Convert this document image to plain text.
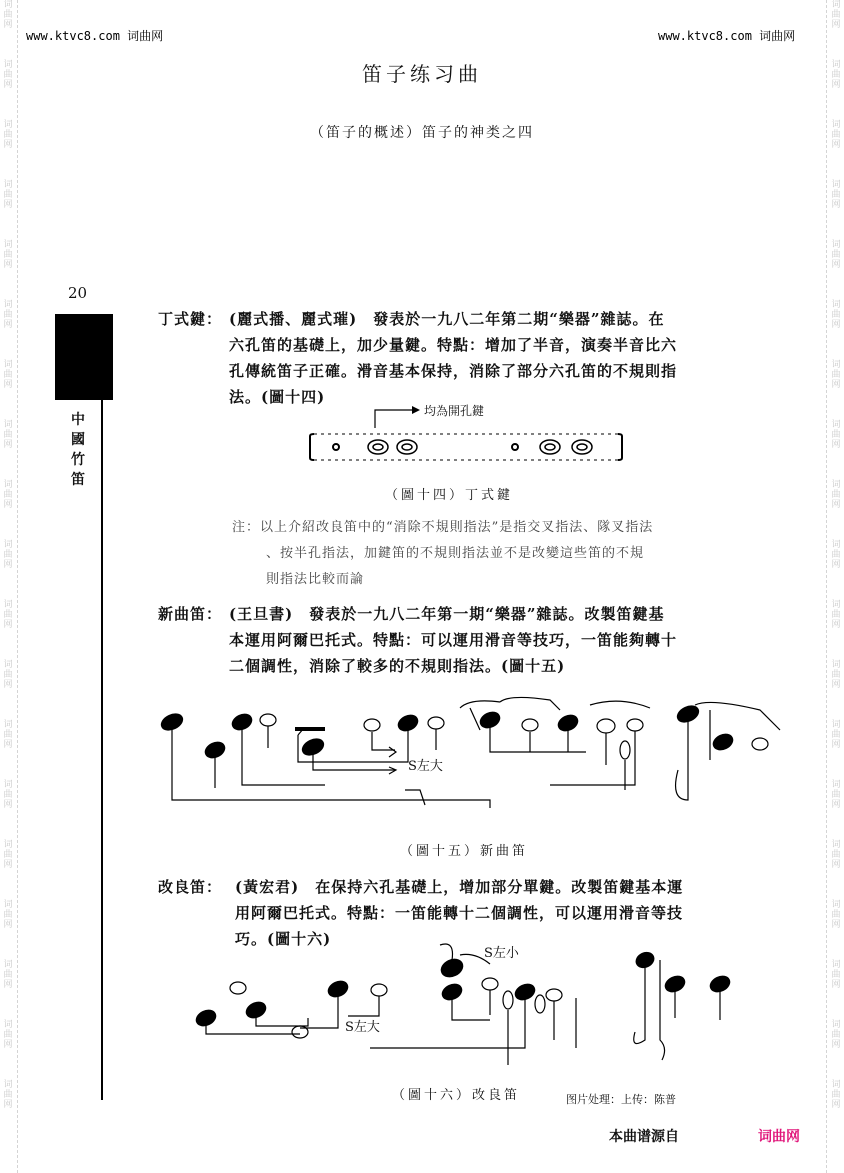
词
曲
网
词
曲
网
词
曲
网
词
曲
网
词
曲
网
词
曲
网
词
曲
网
词
曲
网
词
曲
网
词
曲
网
词
曲
网
词
曲
网
词
曲
网
词
曲
网
词
曲
网
词
曲
网
词
曲
网
词
曲
网
词
曲
网
词
曲
网
词
曲
网
词
曲
网
词
曲
网
词
曲
网
词
曲
网
词
曲
网
词
曲
网
词
曲
网
词
曲
网
词
曲
网
词
曲
网
词
曲
网
词
曲
网
词
曲
网
词
曲
网
词
曲
网
词
曲
网
词
曲
网
www.ktvc8.com 词曲网	www.ktvc8.com 词曲网
笛子练习曲
（笛子的概述）笛子的神类之四
20
中國竹笛
丁式鍵： (麗式播、麗式璀)　發表於一九八二年第二期“樂器”雜誌。在
六孔笛的基礎上，加少量鍵。特點：增加了半音，演奏半音比六
孔傳統笛子正確。滑音基本保持，消除了部分六孔笛的不規則指
法。(圖十四)
均為開孔鍵
（圖十四）丁式鍵
注：以上介紹改良笛中的“消除不規則指法”是指交叉指法、隊叉指法
、按半孔指法，加鍵笛的不規則指法並不是改變這些笛的不規
則指法比較而論
新曲笛： (王旦書)　發表於一九八二年第一期“樂器”雜誌。改製笛鍵基
本運用阿爾巴托式。特點：可以運用滑音等技巧，一笛能夠轉十
二個調性，消除了較多的不規則指法。(圖十五)
S左大
（圖十五）新曲笛
改良笛： (黃宏君)　在保持六孔基礎上，增加部分單鍵。改製笛鍵基本運
用阿爾巴托式。特點：一笛能轉十二個調性，可以運用滑音等技
巧。(圖十六)
S左大
S左小
（圖十六）改良笛	图片处理：上传：陈普
本曲谱源自	词曲网
